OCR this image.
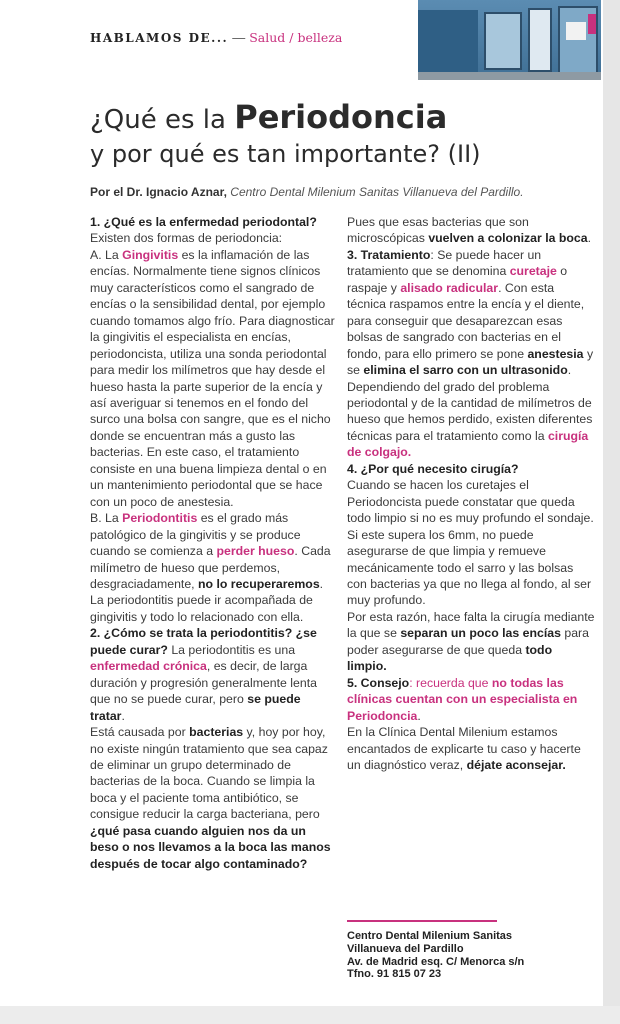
HABLAMOS DE... — Salud / belleza
¿Qué es la Periodoncia
y por qué es tan importante? (II)
Por el Dr. Ignacio Aznar, Centro Dental Milenium Sanitas Villanueva del Pardillo.

1. ¿Qué es la enfermedad periodontal?

Existen dos formas de periodoncia:

A. La Gingivitis es la inflamación de las encías. Normalmente tiene signos clínicos muy característicos como el sangrado de encías o la sensibilidad dental, por ejemplo cuando tomamos algo frío. Para diagnosticar la gingivitis el especialista en encías, periodoncista, utiliza una sonda periodontal para medir los milímetros que hay desde el hueso hasta la parte superior de la encía y así averiguar si tenemos en el fondo del surco una bolsa con sangre, que es el nicho donde se encuentran más a gusto las bacterias. En este caso, el tratamiento consiste en una buena limpieza dental o en un mantenimiento periodontal que se hace con un poco de anestesia.

B. La Periodontitis es el grado más patológico de la gingivitis y se produce cuando se comienza a perder hueso. Cada milímetro de hueso que perdemos, desgraciadamente, no lo recuperaremos. La periodontitis puede ir acompañada de gingivitis y todo lo relacionado con ella.

2. ¿Cómo se trata la periodontitis? ¿se puede curar? La periodontitis es una enfermedad crónica, es decir, de larga duración y progresión generalmente lenta que no se puede curar, pero se puede tratar.

Está causada por bacterias y, hoy por hoy, no existe ningún tratamiento que sea capaz de eliminar un grupo determinado de bacterias de la boca. Cuando se limpia la boca y el paciente toma antibiótico, se consigue reducir la carga bacteriana, pero ¿qué pasa cuando alguien nos da un beso o nos llevamos a la boca las manos después de tocar algo contaminado?

Pues que esas bacterias que son microscópicas vuelven a colonizar la boca.

3. Tratamiento: Se puede hacer un tratamiento que se denomina curetaje o raspaje y alisado radicular. Con esta técnica raspamos entre la encía y el diente, para conseguir que desaparezcan esas bolsas de sangrado con bacterias en el fondo, para ello primero se pone anestesia y se elimina el sarro con un ultrasonido. Dependiendo del grado del problema periodontal y de la cantidad de milímetros de hueso que hemos perdido, existen diferentes técnicas para el tratamiento como la cirugía de colgajo.

4. ¿Por qué necesito cirugía?

Cuando se hacen los curetajes el Periodoncista puede constatar que queda todo limpio si no es muy profundo el sondaje. Si este supera los 6mm, no puede asegurarse de que limpia y remueve mecánicamente todo el sarro y las bolsas con bacterias ya que no llega al fondo, al ser muy profundo.

Por esta razón, hace falta la cirugía mediante la que se separan un poco las encías para poder asegurarse de que queda todo limpio.

5. Consejo: recuerda que no todas las clínicas cuentan con un especialista en Periodoncia.

En la Clínica Dental Milenium estamos encantados de explicarte tu caso y hacerte un diagnóstico veraz, déjate aconsejar.

Centro Dental Milenium Sanitas
Villanueva del Pardillo
Av. de Madrid esq. C/ Menorca s/n
Tfno. 91 815 07 23
